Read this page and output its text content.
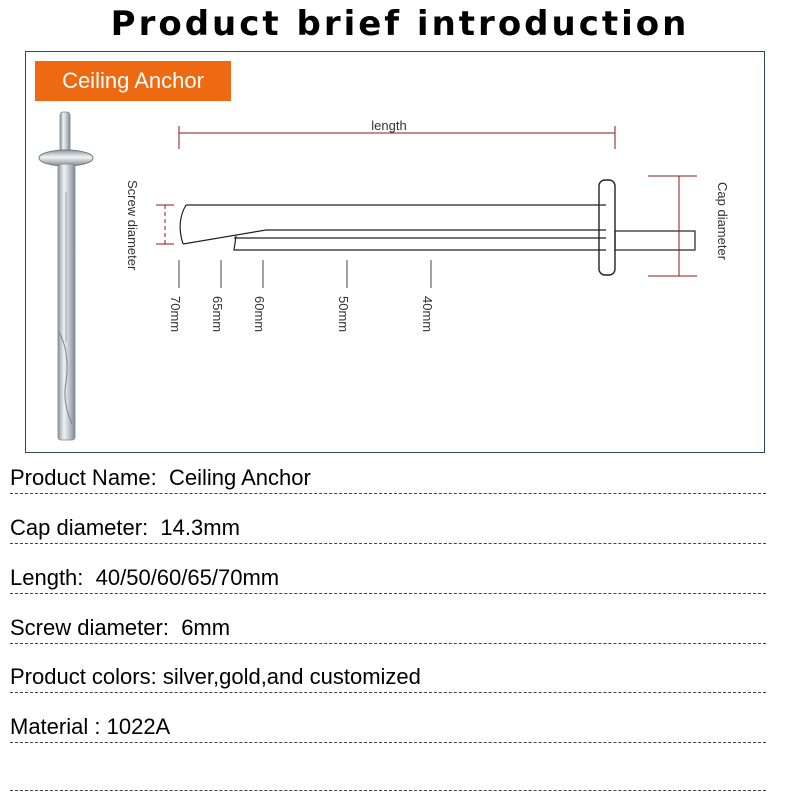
Product brief introduction
Ceiling Anchor
length
Screw diameter	Cap diameter
70mm 65mm 60mm	50mm	40mm
Product Name: Ceiling Anchor
Cap diameter: 14.3mm
Length: 40/50/60/65/70mm
Screw diameter: 6mm
Product colors: silver,gold,and customized
Material : 1022A
